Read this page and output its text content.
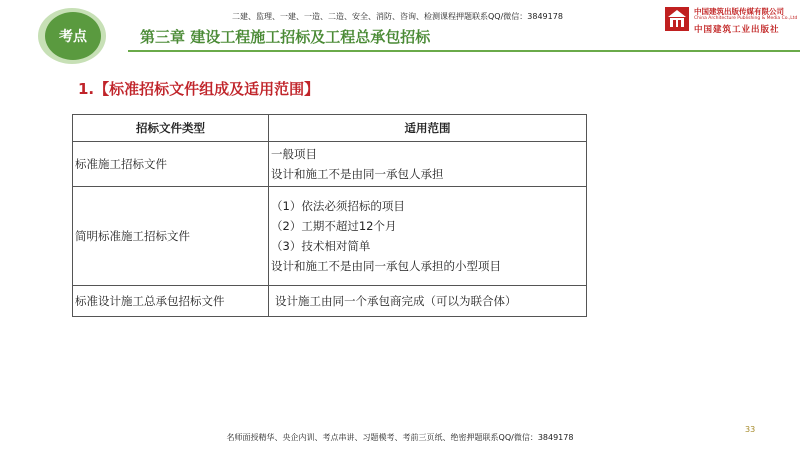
考点	第三章 建设工程施工招标及工程总承包招标
二建、监理、一建、一造、二造、安全、消防、咨询、检测课程押题联系QQ/微信：3849178
中国建筑出版传媒有限公司
China Architecture Publishing & Media Co.,Ltd
中国建筑工业出版社
1.【标准招标文件组成及适用范围】
招标文件类型	适用范围
标准施工招标文件	一般项目
设计和施工不是由同一承包人承担

简明标准施工招标文件	（1）依法必须招标的项目
（2）工期不超过12个月
（3）技术相对简单
设计和施工不是由同一承包人承担的小型项目

标准设计施工总承包招标文件	设计施工由同一个承包商完成（可以为联合体）
33
名师面授精华、央企内训、考点串讲、习题模考、考前三页纸、绝密押题联系QQ/微信：3849178
